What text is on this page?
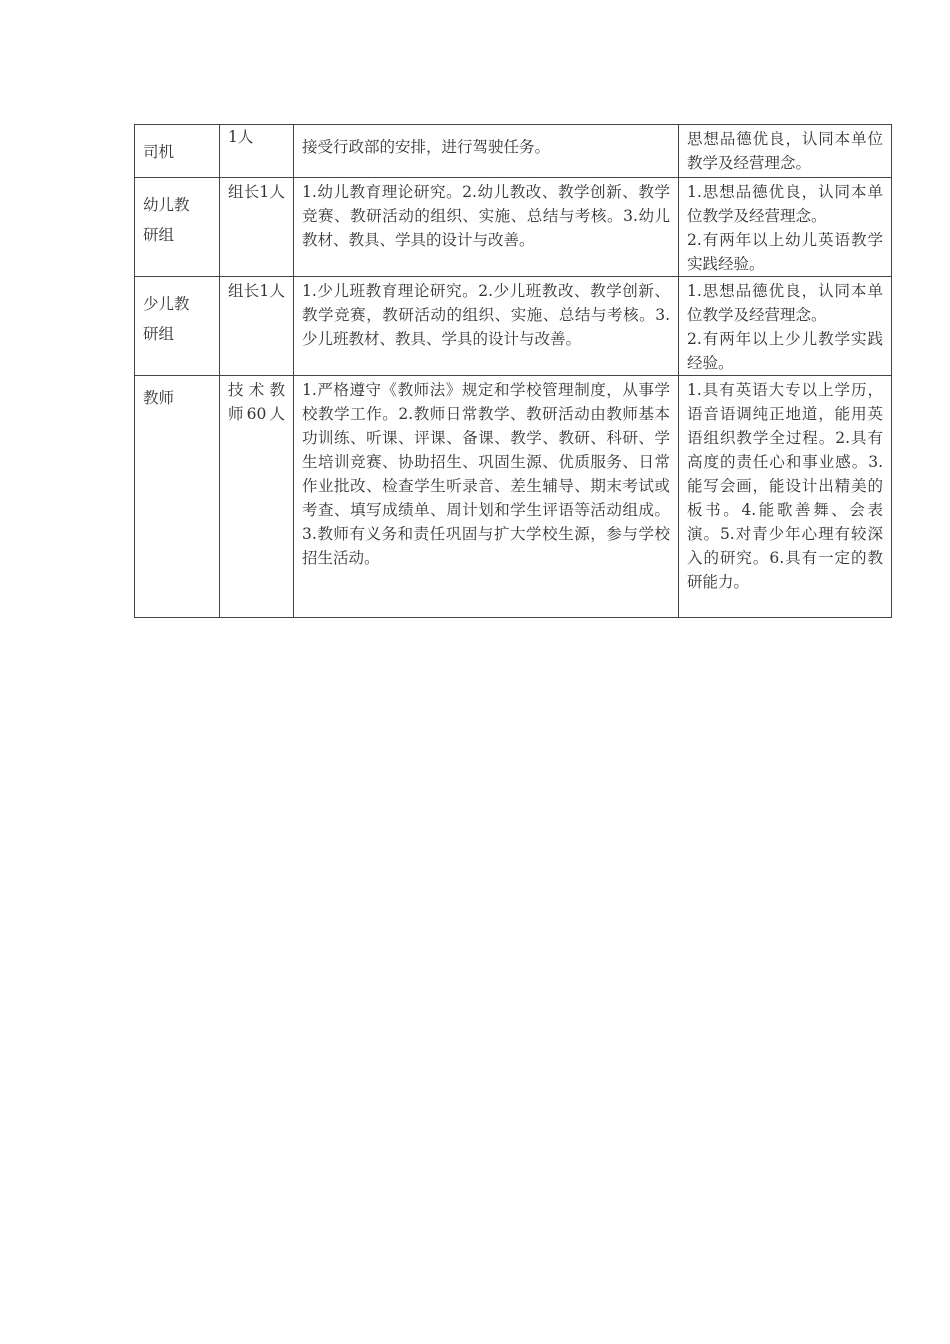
司机	1人	接受行政部的安排，进行驾驶任务。	思想品德优良，认同本单位教学及经营理念。

幼儿教研组	组长1人	1.幼儿教育理论研究。2.幼儿教改、教学创新、教学竞赛、教研活动的组织、实施、总结与考核。3.幼儿教材、教具、学具的设计与改善。	1.思想品德优良，认同本单位教学及经营理念。
2.有两年以上幼儿英语教学实践经验。

少儿教研组	组长1人	1.少儿班教育理论研究。2.少儿班教改、教学创新、教学竞赛，教研活动的组织、实施、总结与考核。3.少儿班教材、教具、学具的设计与改善。	1.思想品德优良，认同本单位教学及经营理念。
2.有两年以上少儿教学实践经验。

教师	技术教师60人	1.严格遵守《教师法》规定和学校管理制度，从事学校教学工作。2.教师日常教学、教研活动由教师基本功训练、听课、评课、备课、教学、教研、科研、学生培训竞赛、协助招生、巩固生源、优质服务、日常作业批改、检查学生听录音、差生辅导、期末考试或考查、填写成绩单、周计划和学生评语等活动组成。3.教师有义务和责任巩固与扩大学校生源，参与学校招生活动。	1.具有英语大专以上学历，语音语调纯正地道，能用英语组织教学全过程。2.具有高度的责任心和事业感。3.能写会画，能设计出精美的板书。4.能歌善舞、会表演。5.对青少年心理有较深入的研究。6.具有一定的教研能力。
